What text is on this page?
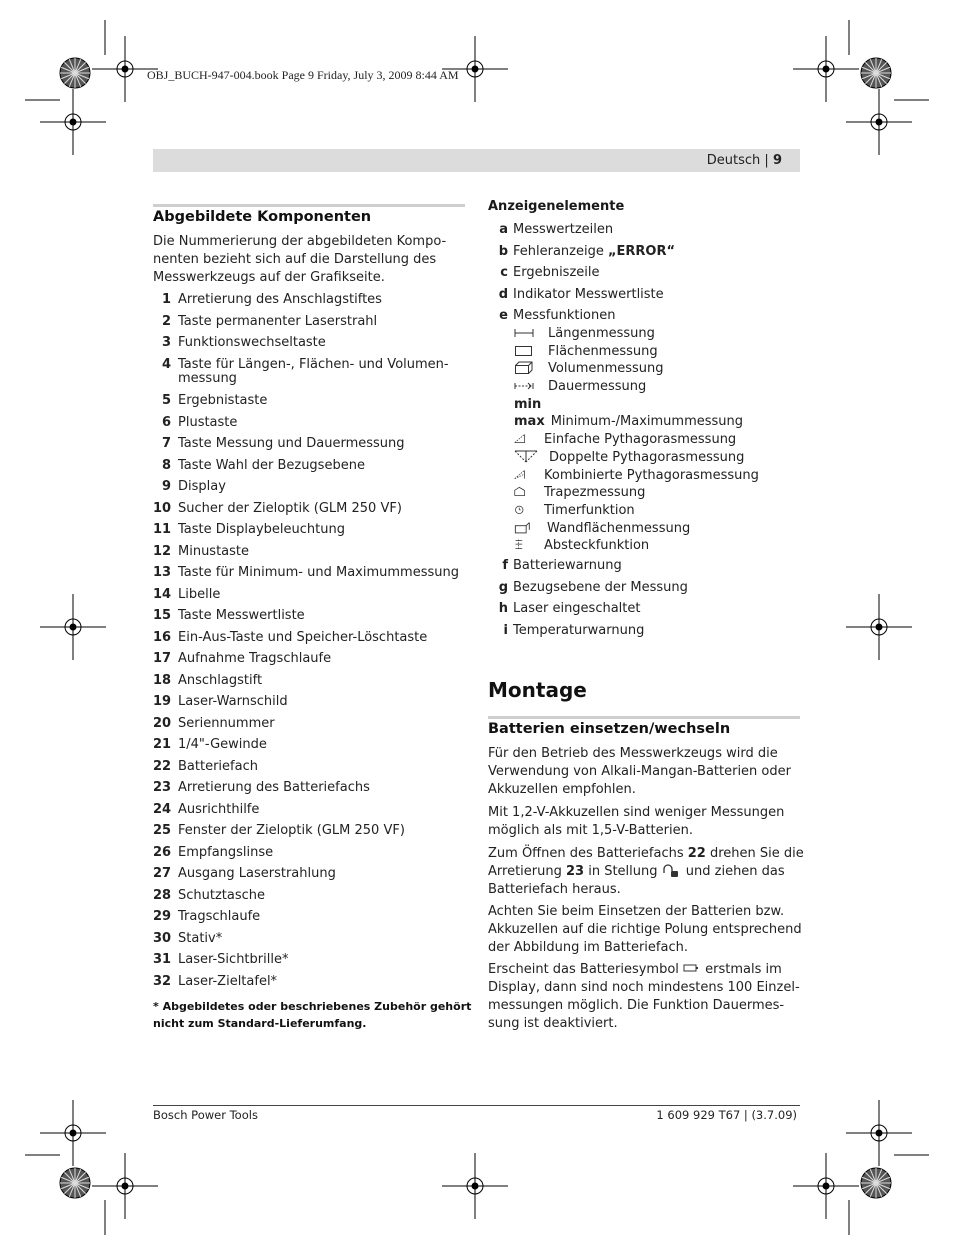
OBJ_BUCH-947-004.book Page 9 Friday, July 3, 2009 8:44 AM
Deutsch | 9
Abgebildete Komponenten
Die Nummerierung der abgebildeten Kompo-
nenten bezieht sich auf die Darstellung des
Messwerkzeugs auf der Grafikseite.
1 Arretierung des Anschlagstiftes
2 Taste permanenter Laserstrahl
3 Funktionswechseltaste
4 Taste für Längen-, Flächen- und Volumen-
messung
5 Ergebnistaste
6 Plustaste
7 Taste Messung und Dauermessung
8 Taste Wahl der Bezugsebene
9 Display
10 Sucher der Zieloptik (GLM 250 VF)
11 Taste Displaybeleuchtung
12 Minustaste
13 Taste für Minimum- und Maximummessung
14 Libelle
15 Taste Messwertliste
16 Ein-Aus-Taste und Speicher-Löschtaste
17 Aufnahme Tragschlaufe
18 Anschlagstift
19 Laser-Warnschild
20 Seriennummer
21 1/4"-Gewinde
22 Batteriefach
23 Arretierung des Batteriefachs
24 Ausrichthilfe
25 Fenster der Zieloptik (GLM 250 VF)
26 Empfangslinse
27 Ausgang Laserstrahlung
28 Schutztasche
29 Tragschlaufe
30 Stativ*
31 Laser-Sichtbrille*
32 Laser-Zieltafel*
* Abgebildetes oder beschriebenes Zubehör gehört
nicht zum Standard-Lieferumfang.
Anzeigenelemente
a Messwertzeilen
b Fehleranzeige „ERROR“
c Ergebniszeile
d Indikator Messwertliste
e Messfunktionen
Längenmessung
Flächenmessung
Volumenmessung
Dauermessung
min
max Minimum-/Maximummessung
Einfache Pythagorasmessung
Doppelte Pythagorasmessung
Kombinierte Pythagorasmessung
Trapezmessung
Timerfunktion
Wandflächenmessung
Absteckfunktion
f Batteriewarnung
g Bezugsebene der Messung
h Laser eingeschaltet
i Temperaturwarnung
Montage
Batterien einsetzen/wechseln
Für den Betrieb des Messwerkzeugs wird die
Verwendung von Alkali-Mangan-Batterien oder
Akkuzellen empfohlen.
Mit 1,2-V-Akkuzellen sind weniger Messungen
möglich als mit 1,5-V-Batterien.
Zum Öffnen des Batteriefachs 22 drehen Sie die
Arretierung 23 in Stellung  und ziehen das
Batteriefach heraus.
Achten Sie beim Einsetzen der Batterien bzw.
Akkuzellen auf die richtige Polung entsprechend
der Abbildung im Batteriefach.
Erscheint das Batteriesymbol  erstmals im
Display, dann sind noch mindestens 100 Einzel-
messungen möglich. Die Funktion Dauermes-
sung ist deaktiviert.
Bosch Power Tools	1 609 929 T67 | (3.7.09)
